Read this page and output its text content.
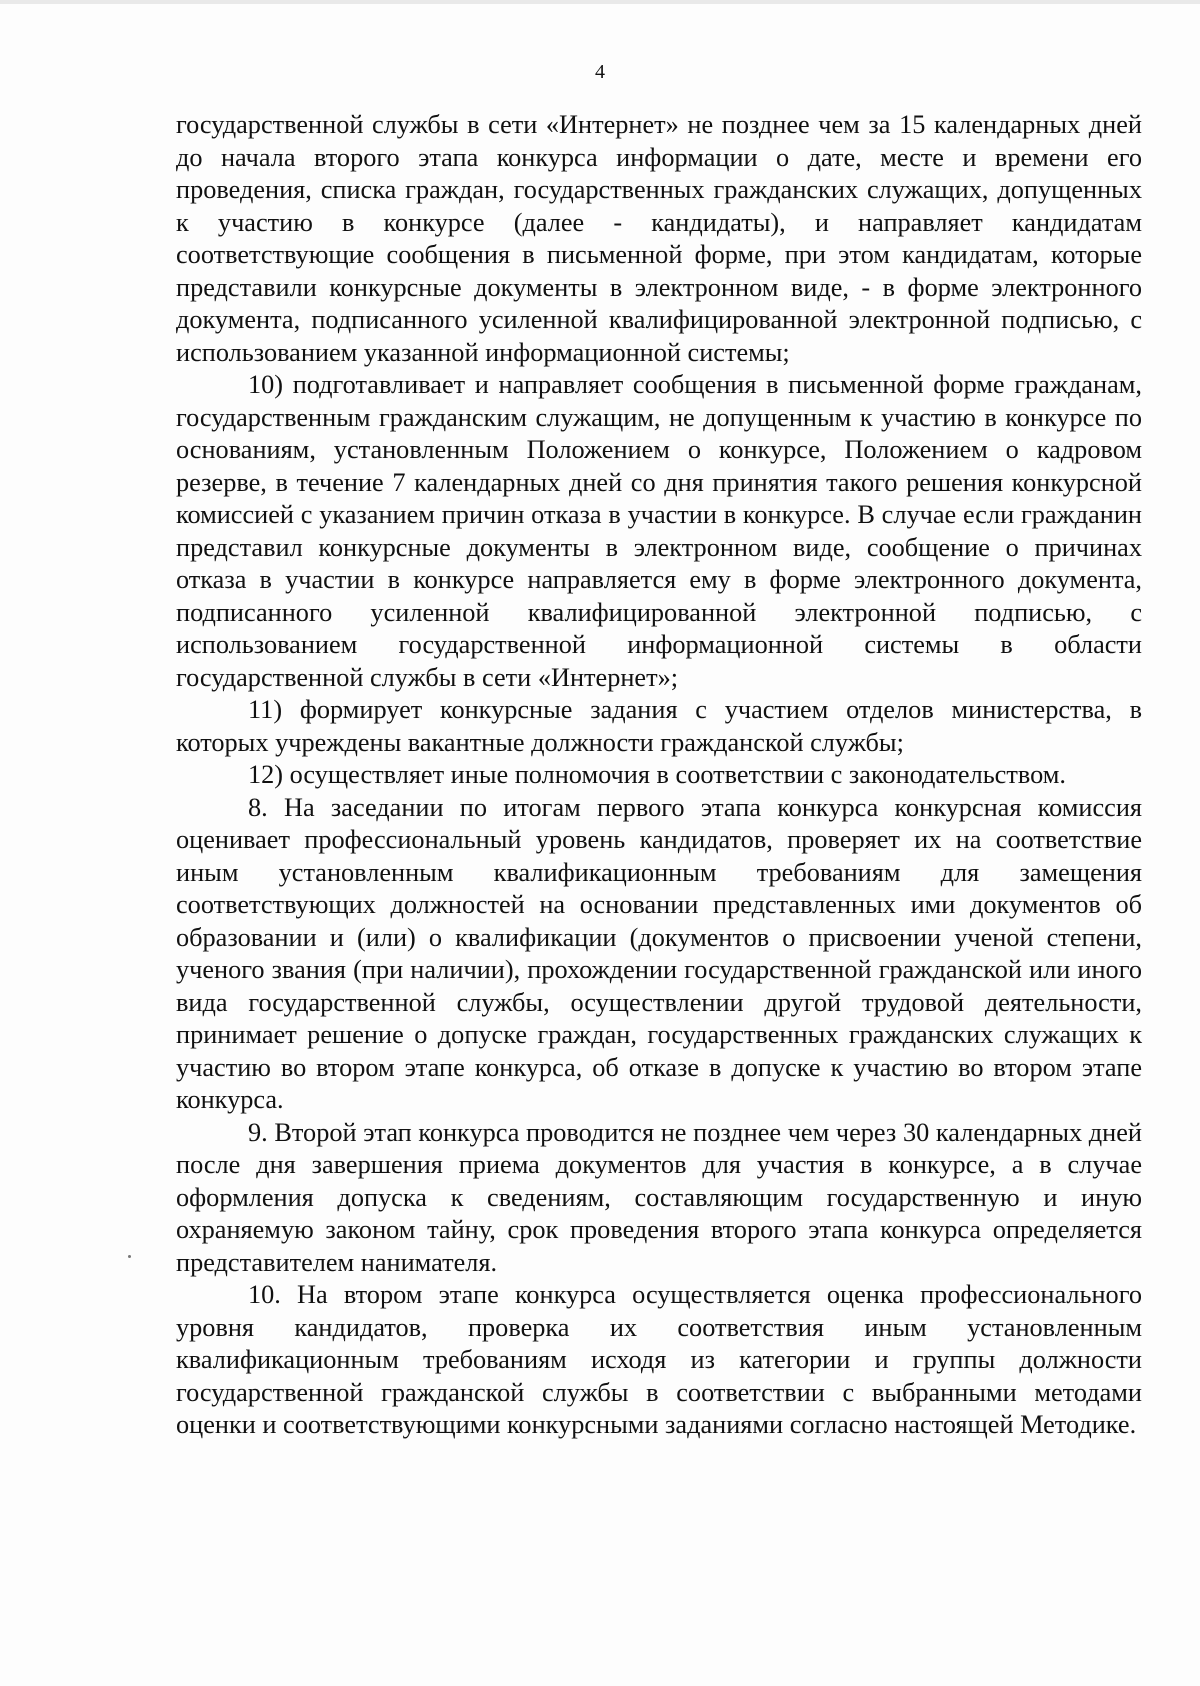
4

государственной службы в сети «Интернет» не позднее чем за 15 календарных дней до начала второго этапа конкурса информации о дате, месте и времени его проведения, списка граждан, государственных гражданских служащих, допущенных к участию в конкурсе (далее - кандидаты), и направляет кандидатам соответствующие сообщения в письменной форме, при этом кандидатам, которые представили конкурсные документы в электронном виде, - в форме электронного документа, подписанного усиленной квалифицированной электронной подписью, с использованием указанной информационной системы;

10) подготавливает и направляет сообщения в письменной форме гражданам, государственным гражданским служащим, не допущенным к участию в конкурсе по основаниям, установленным Положением о конкурсе, Положением о кадровом резерве, в течение 7 календарных дней со дня принятия такого решения конкурсной комиссией с указанием причин отказа в участии в конкурсе. В случае если гражданин представил конкурсные документы в электронном виде, сообщение о причинах отказа в участии в конкурсе направляется ему в форме электронного документа, подписанного усиленной квалифицированной электронной подписью, с использованием государственной информационной системы в области государственной службы в сети «Интернет»;

11) формирует конкурсные задания с участием отделов министерства, в которых учреждены вакантные должности гражданской службы;

12) осуществляет иные полномочия в соответствии с законодательством.

8. На заседании по итогам первого этапа конкурса конкурсная комиссия оценивает профессиональный уровень кандидатов, проверяет их на соответствие иным установленным квалификационным требованиям для замещения соответствующих должностей на основании представленных ими документов об образовании и (или) о квалификации (документов о присвоении ученой степени, ученого звания (при наличии), прохождении государственной гражданской или иного вида государственной службы, осуществлении другой трудовой деятельности, принимает решение о допуске граждан, государственных гражданских служащих к участию во втором этапе конкурса, об отказе в допуске к участию во втором этапе конкурса.

9. Второй этап конкурса проводится не позднее чем через 30 календарных дней после дня завершения приема документов для участия в конкурсе, а в случае оформления допуска к сведениям, составляющим государственную и иную охраняемую законом тайну, срок проведения второго этапа конкурса определяется представителем нанимателя.

10. На втором этапе конкурса осуществляется оценка профессионального уровня кандидатов, проверка их соответствия иным установленным квалификационным требованиям исходя из категории и группы должности государственной гражданской службы в соответствии с выбранными методами оценки и соответствующими конкурсными заданиями согласно настоящей Методике.
